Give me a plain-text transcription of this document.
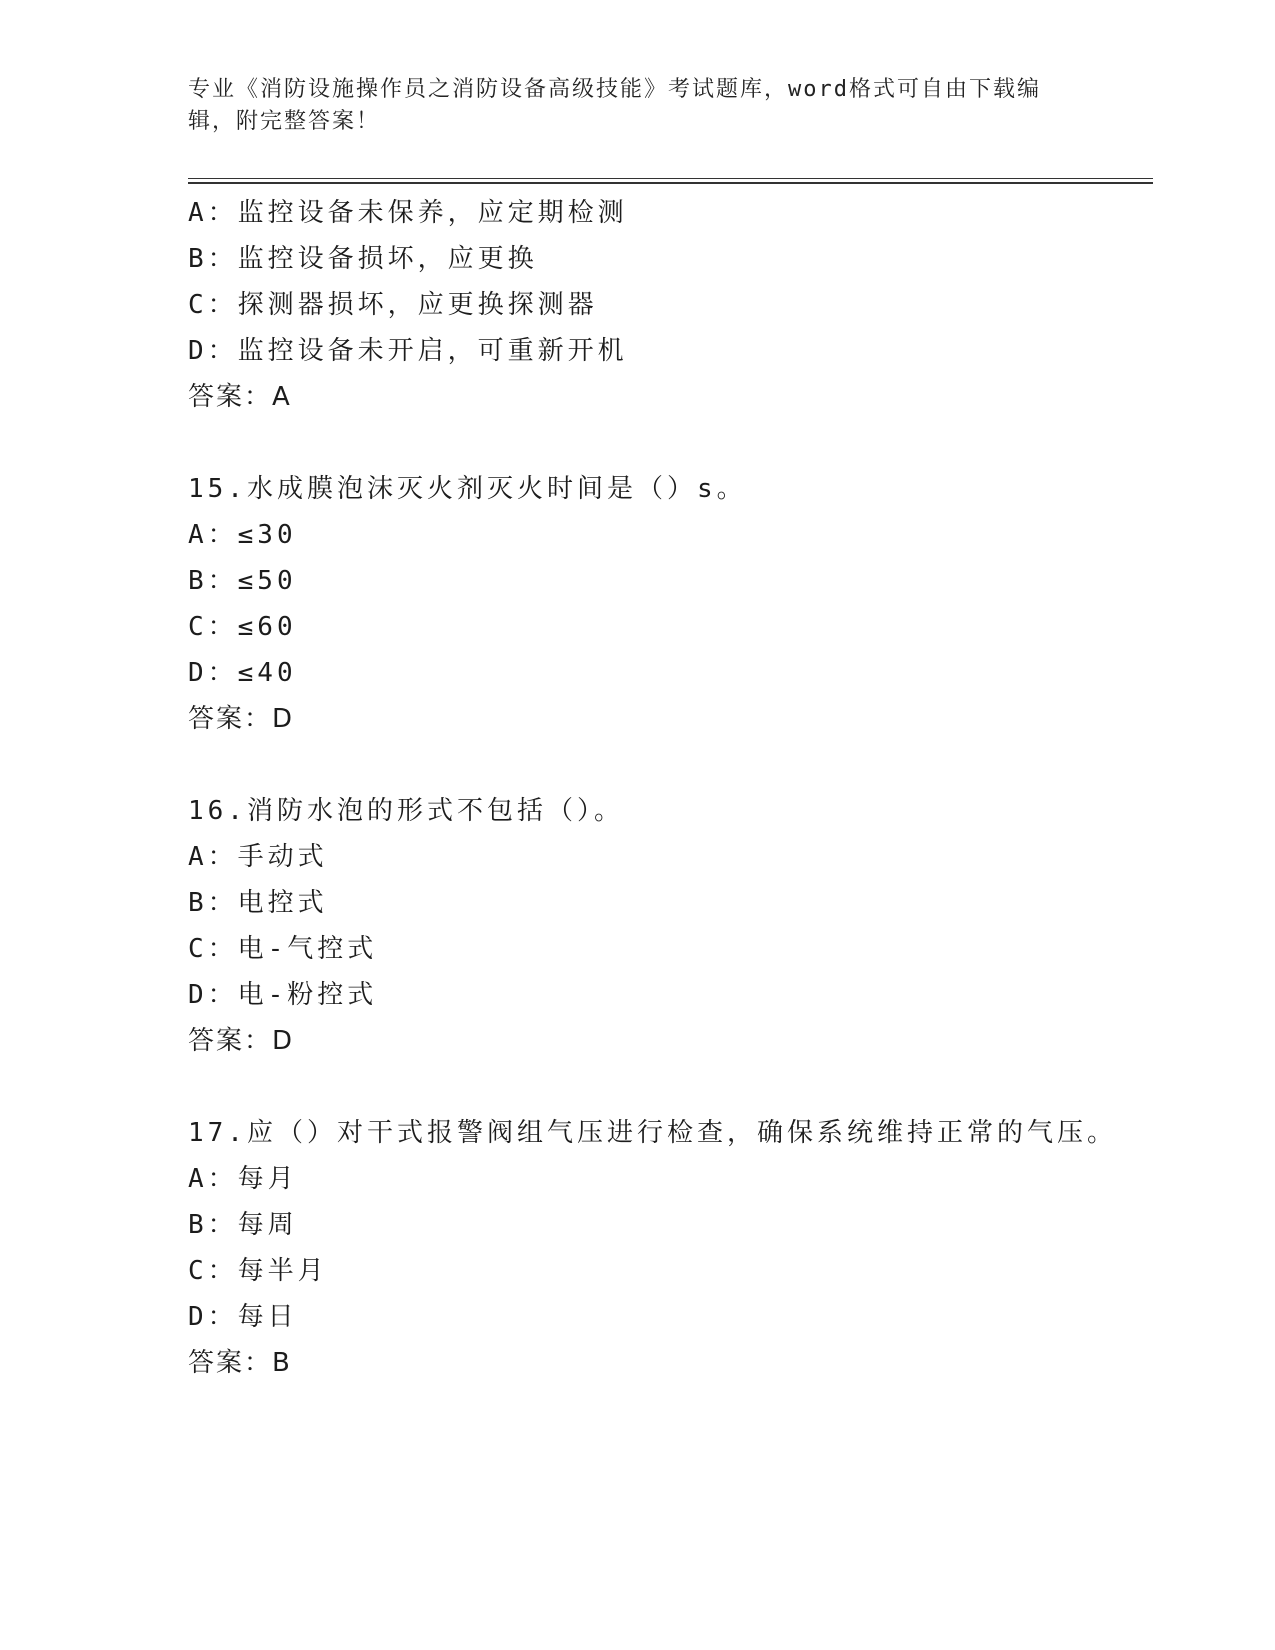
专业《消防设施操作员之消防设备高级技能》考试题库，word格式可自由下载编辑，附完整答案！
A：监控设备未保养，应定期检测
B：监控设备损坏，应更换
C：探测器损坏，应更换探测器
D：监控设备未开启，可重新开机
答案：A
15.水成膜泡沫灭火剂灭火时间是（）s。
A：≤30
B：≤50
C：≤60
D：≤40
答案：D
16.消防水泡的形式不包括（）。
A：手动式
B：电控式
C：电-气控式
D：电-粉控式
答案：D
17.应（）对干式报警阀组气压进行检查，确保系统维持正常的气压。
A：每月
B：每周
C：每半月
D：每日
答案：B
